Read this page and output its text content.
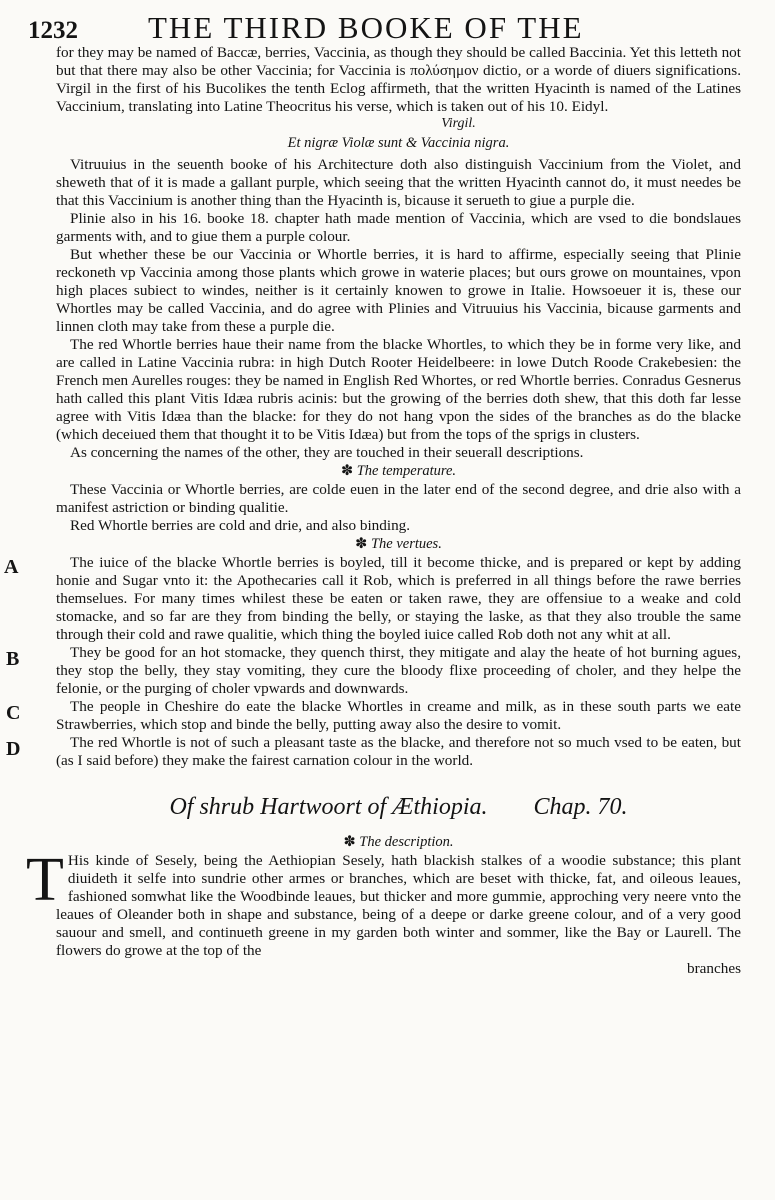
1232	THE THIRD BOOKE OF THE

for they may be named of Baccæ, berries, Vaccinia, as though they should be called Baccinia. Yet this letteth not but that there may also be other Vaccinia; for Vaccinia is πολύσημον dictio, or a worde of diuers significations. Virgil in the first of his Bucolikes the tenth Eclog affirmeth, that the written Hyacinth is named of the Latines Vaccinium, translating into Latine Theocritus his verse, which is taken out of his 10. Eidyl.

Virgil.
Et nigræ Violæ sunt & Vaccinia nigra.

Vitruuius in the seuenth booke of his Architecture doth also distinguish Vaccinium from the Violet, and sheweth that of it is made a gallant purple, which seeing that the written Hyacinth cannot do, it must needes be that this Vaccinium is another thing than the Hyacinth is, bicause it serueth to giue a purple die.

Plinie also in his 16. booke 18. chapter hath made mention of Vaccinia, which are vsed to die bondslaues garments with, and to giue them a purple colour.

But whether these be our Vaccinia or Whortle berries, it is hard to affirme, especially seeing that Plinie reckoneth vp Vaccinia among those plants which growe in waterie places; but ours growe on mountaines, vpon high places subiect to windes, neither is it certainly knowen to growe in Italie. Howsoeuer it is, these our Whortles may be called Vaccinia, and do agree with Plinies and Vitruuius his Vaccinia, bicause garments and linnen cloth may take from these a purple die.

The red Whortle berries haue their name from the blacke Whortles, to which they be in forme very like, and are called in Latine Vaccinia rubra: in high Dutch Rooter Heidelbeere: in lowe Dutch Roode Crakebesien: the French men Aurelles rouges: they be named in English Red Whortes, or red Whortle berries. Conradus Gesnerus hath called this plant Vitis Idæa rubris acinis: but the growing of the berries doth shew, that this doth far lesse agree with Vitis Idæa than the blacke: for they do not hang vpon the sides of the branches as do the blacke (which deceiued them that thought it to be Vitis Idæa) but from the tops of the sprigs in clusters.

As concerning the names of the other, they are touched in their seuerall descriptions.

✽ The temperature.

These Vaccinia or Whortle berries, are colde euen in the later end of the second degree, and drie also with a manifest astriction or binding qualitie.

Red Whortle berries are cold and drie, and also binding.

✽ The vertues.
A	The iuice of the blacke Whortle berries is boyled, till it become thicke, and is prepared or kept by adding honie and Sugar vnto it: the Apothecaries call it Rob, which is preferred in all things before the rawe berries themselues. For many times whilest these be eaten or taken rawe, they are offensiue to a weake and cold stomacke, and so far are they from binding the belly, or staying the laske, as that they also trouble the same through their cold and rawe qualitie, which thing the boyled iuice called Rob doth not any whit at all.

B	They be good for an hot stomacke, they quench thirst, they mitigate and alay the heate of hot burning agues, they stop the belly, they stay vomiting, they cure the bloody flixe proceeding of choler, and they helpe the felonie, or the purging of choler vpwards and downwards.

C	The people in Cheshire do eate the blacke Whortles in creame and milk, as in these south parts we eate Strawberries, which stop and binde the belly, putting away also the desire to vomit.

D	The red Whortle is not of such a pleasant taste as the blacke, and therefore not so much vsed to be eaten, but (as I said before) they make the fairest carnation colour in the world.

Of shrub Hartwoort of Æthiopia. Chap. 70.
✽ The description.
T His kinde of Sesely, being the Aethiopian Sesely, hath blackish stalkes of a woodie substance; this plant diuideth it selfe into sundrie other armes or branches, which are beset with thicke, fat, and oileous leaues, fashioned somwhat like the Woodbinde leaues, but thicker and more gummie, approching very neere vnto the leaues of Oleander both in shape and substance, being of a deepe or darke greene colour, and of a very good sauour and smell, and continueth greene in my garden both winter and sommer, like the Bay or Laurell. The flowers do growe at the top of the

branches
